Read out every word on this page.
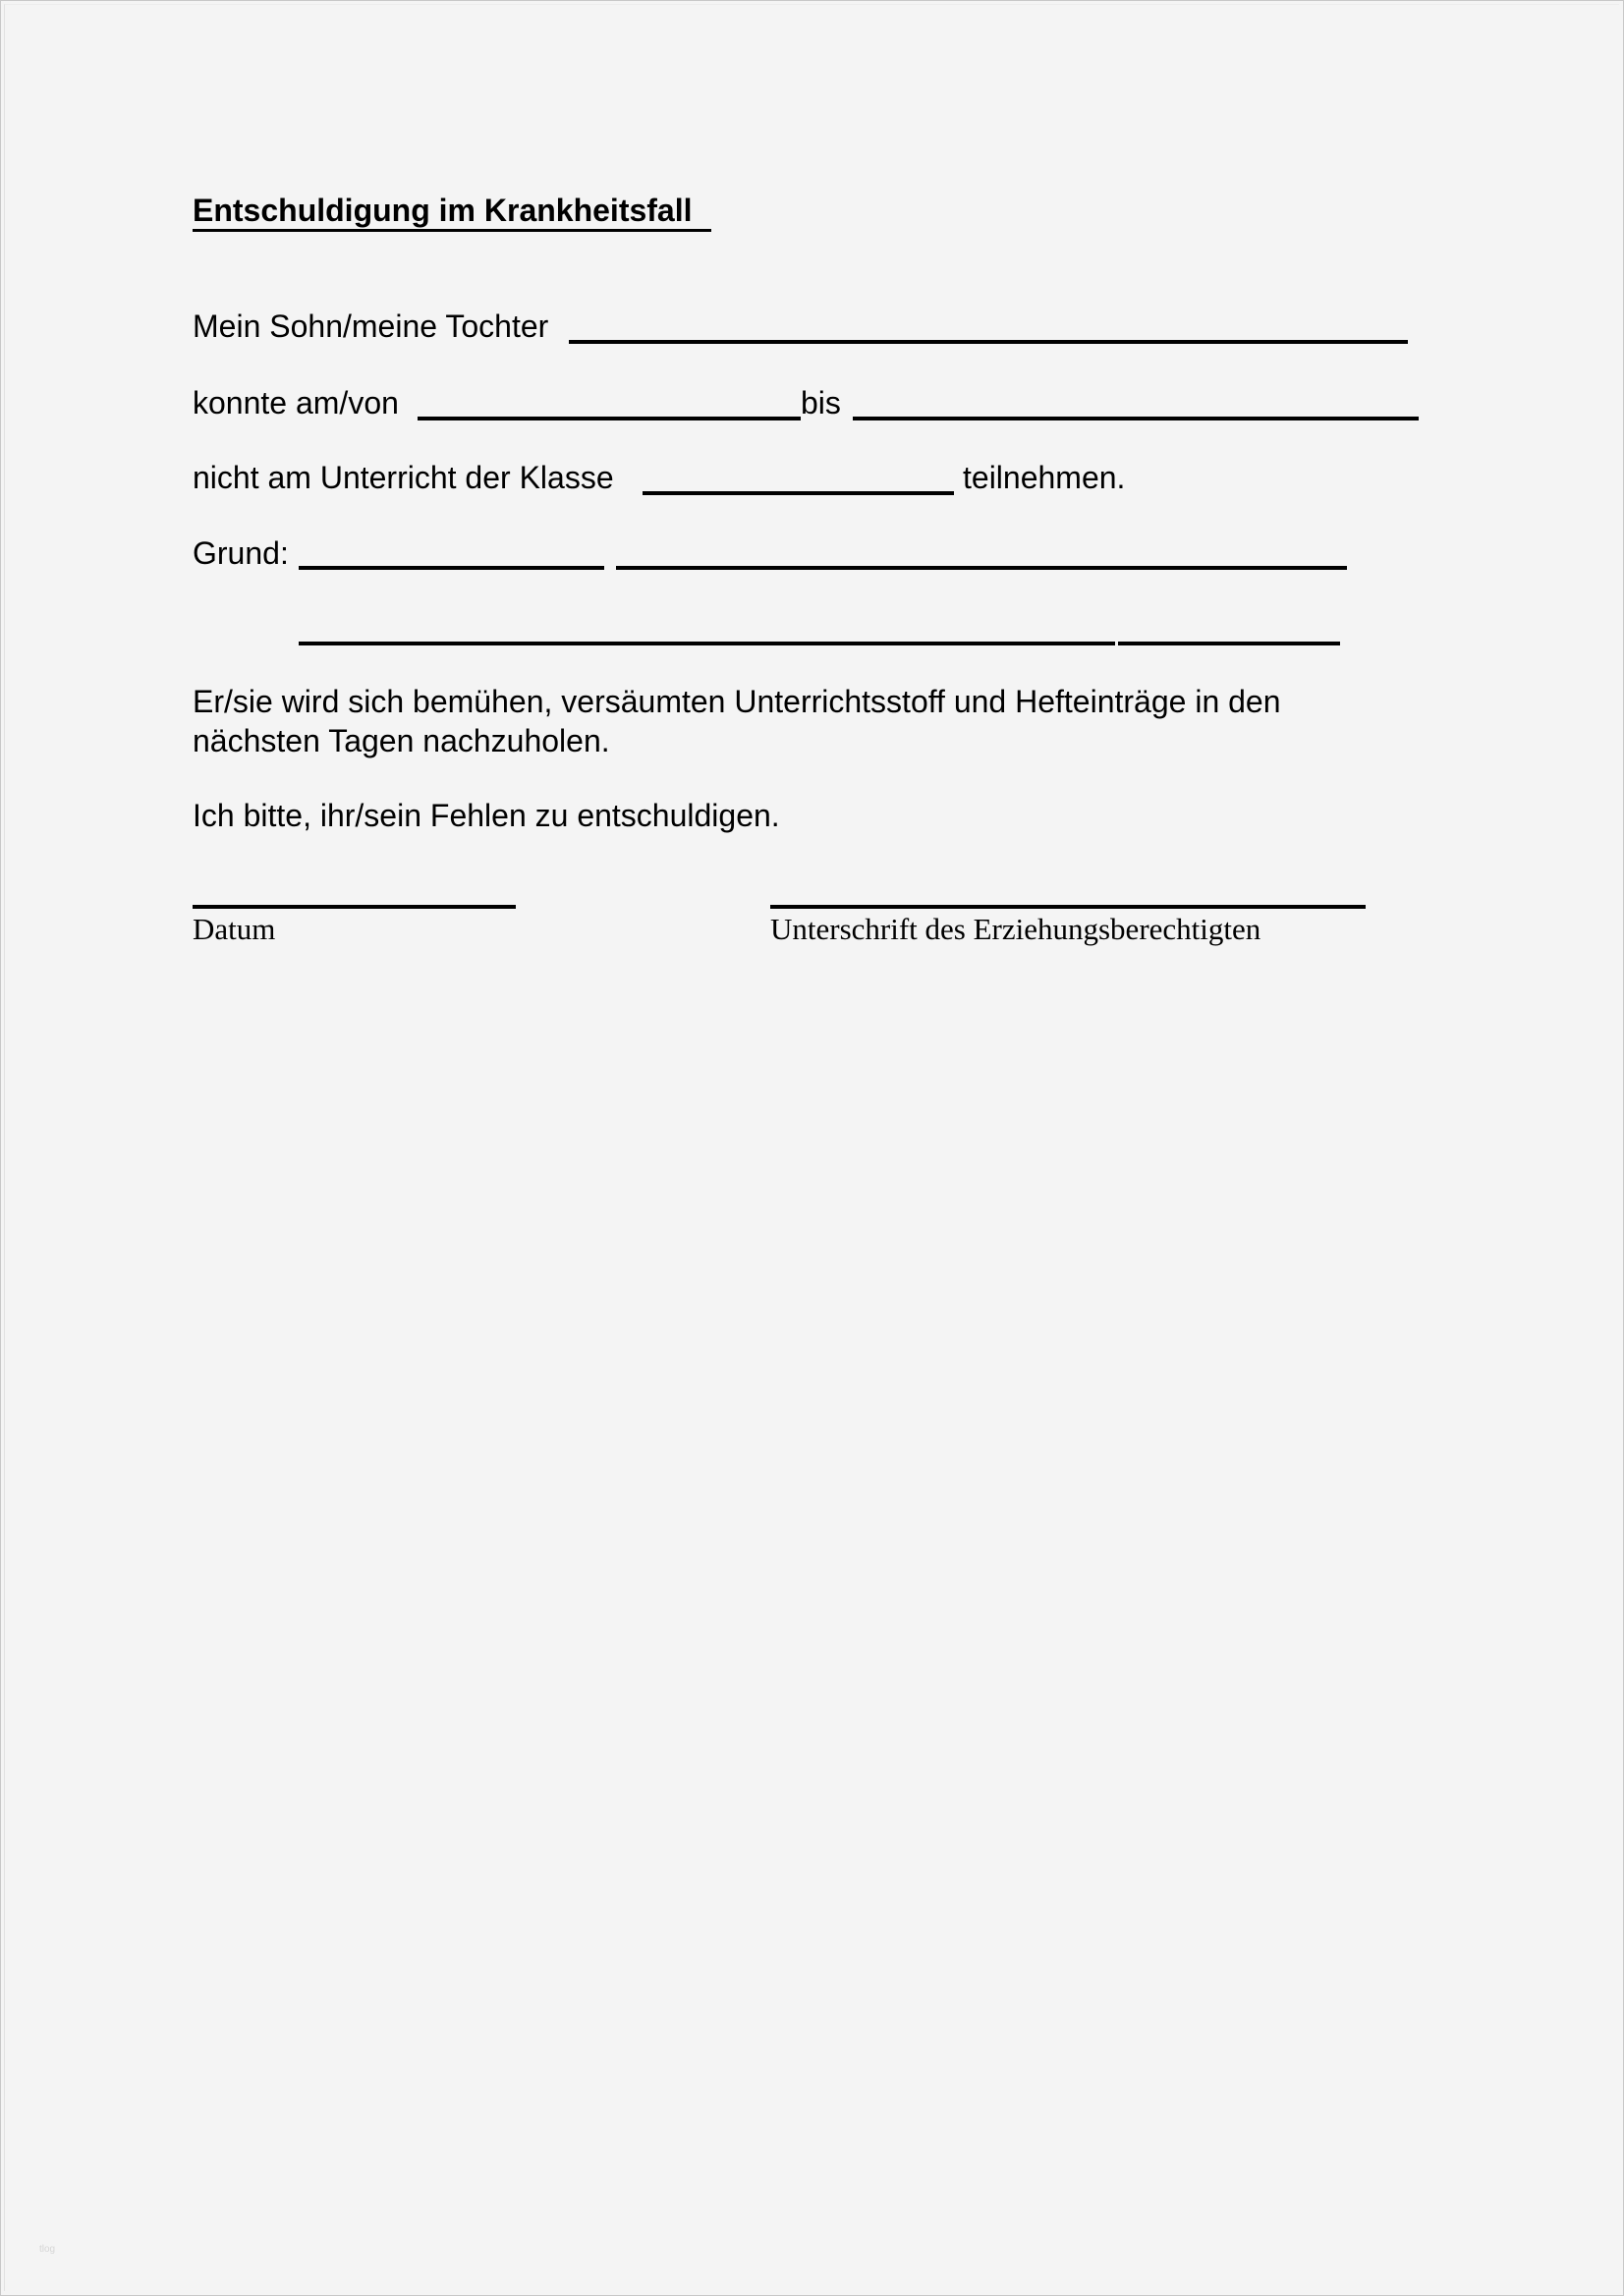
Entschuldigung im Krankheitsfall
Mein Sohn/meine Tochter
konnte am/von	bis
nicht am Unterricht der Klasse	teilnehmen.
Grund:
Er/sie wird sich bemühen, versäumten Unterrichtsstoff und Hefteinträge in den
nächsten Tagen nachzuholen.
Ich bitte, ihr/sein Fehlen zu entschuldigen.
Datum	Unterschrift des Erziehungsberechtigten
tlog
